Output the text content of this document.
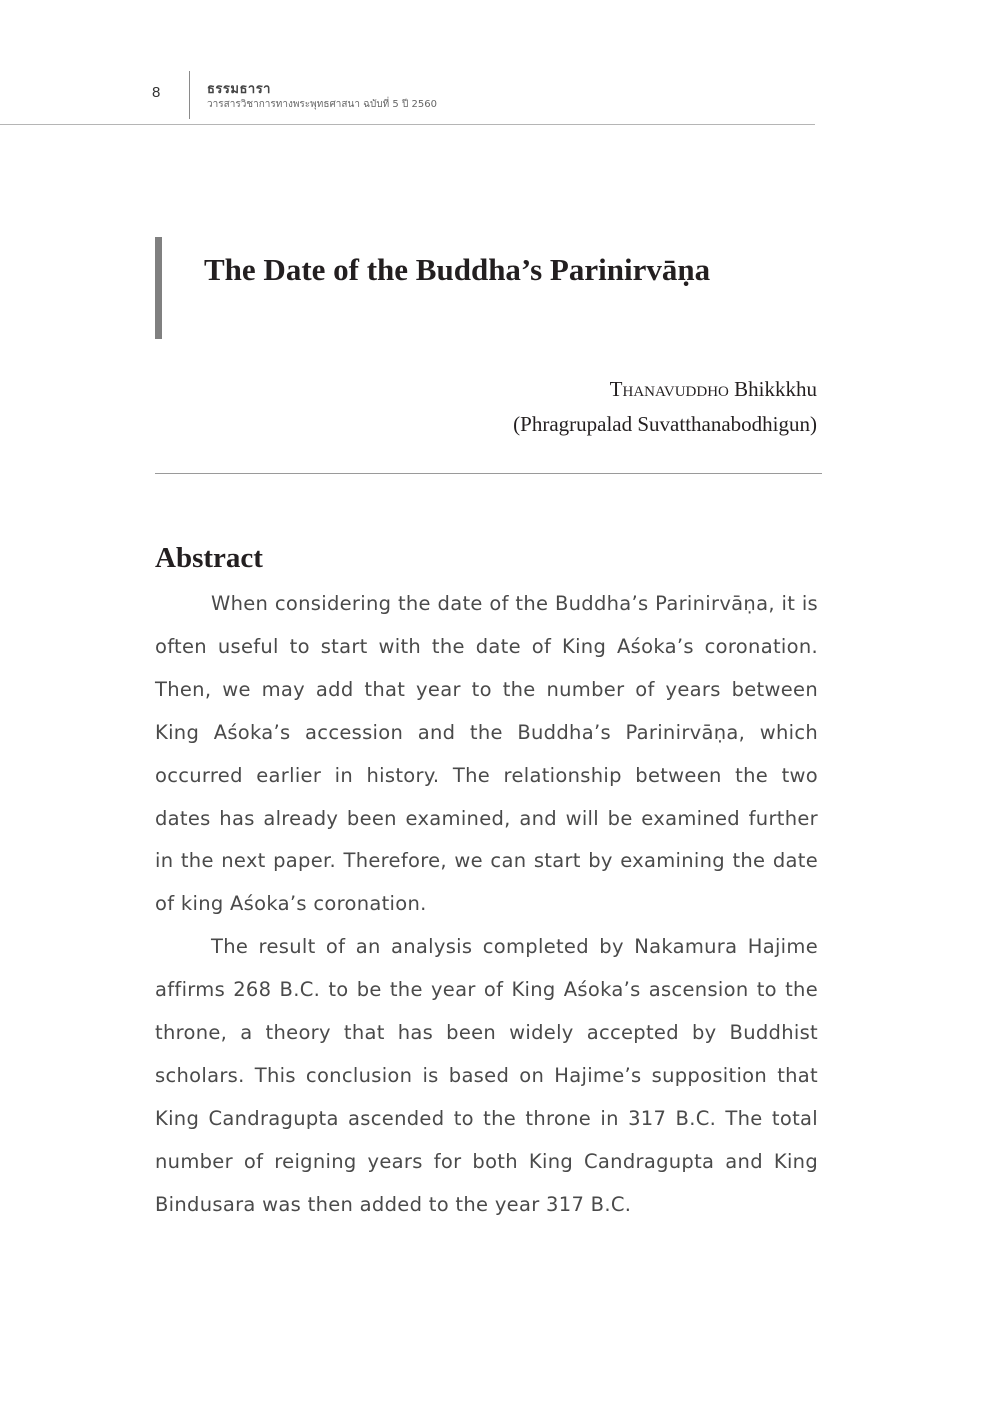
8	ธรรมธารา
วารสารวิชาการทางพระพุทธศาสนา ฉบับที่ 5 ปี 2560
The Date of the Buddha’s Parinirvāṇa
Thanavuddho Bhikkkhu
(Phragrupalad Suvatthanabodhigun)
Abstract

When considering the date of the Buddha’s Parinirvāṇa, it is often useful to start with the date of King Aśoka’s coronation. Then, we may add that year to the number of years between King Aśoka’s accession and the Buddha’s Parinirvāṇa, which occurred earlier in history. The relationship between the two dates has already been examined, and will be examined further in the next paper. Therefore, we can start by examining the date of king Aśoka’s coronation.

The result of an analysis completed by Nakamura Hajime affirms 268 B.C. to be the year of King Aśoka’s ascension to the throne, a theory that has been widely accepted by Buddhist scholars. This conclusion is based on Hajime’s supposition that King Candragupta ascended to the throne in 317 B.C. The total number of reigning years for both King Candragupta and King Bindusara was then added to the year 317 B.C.
